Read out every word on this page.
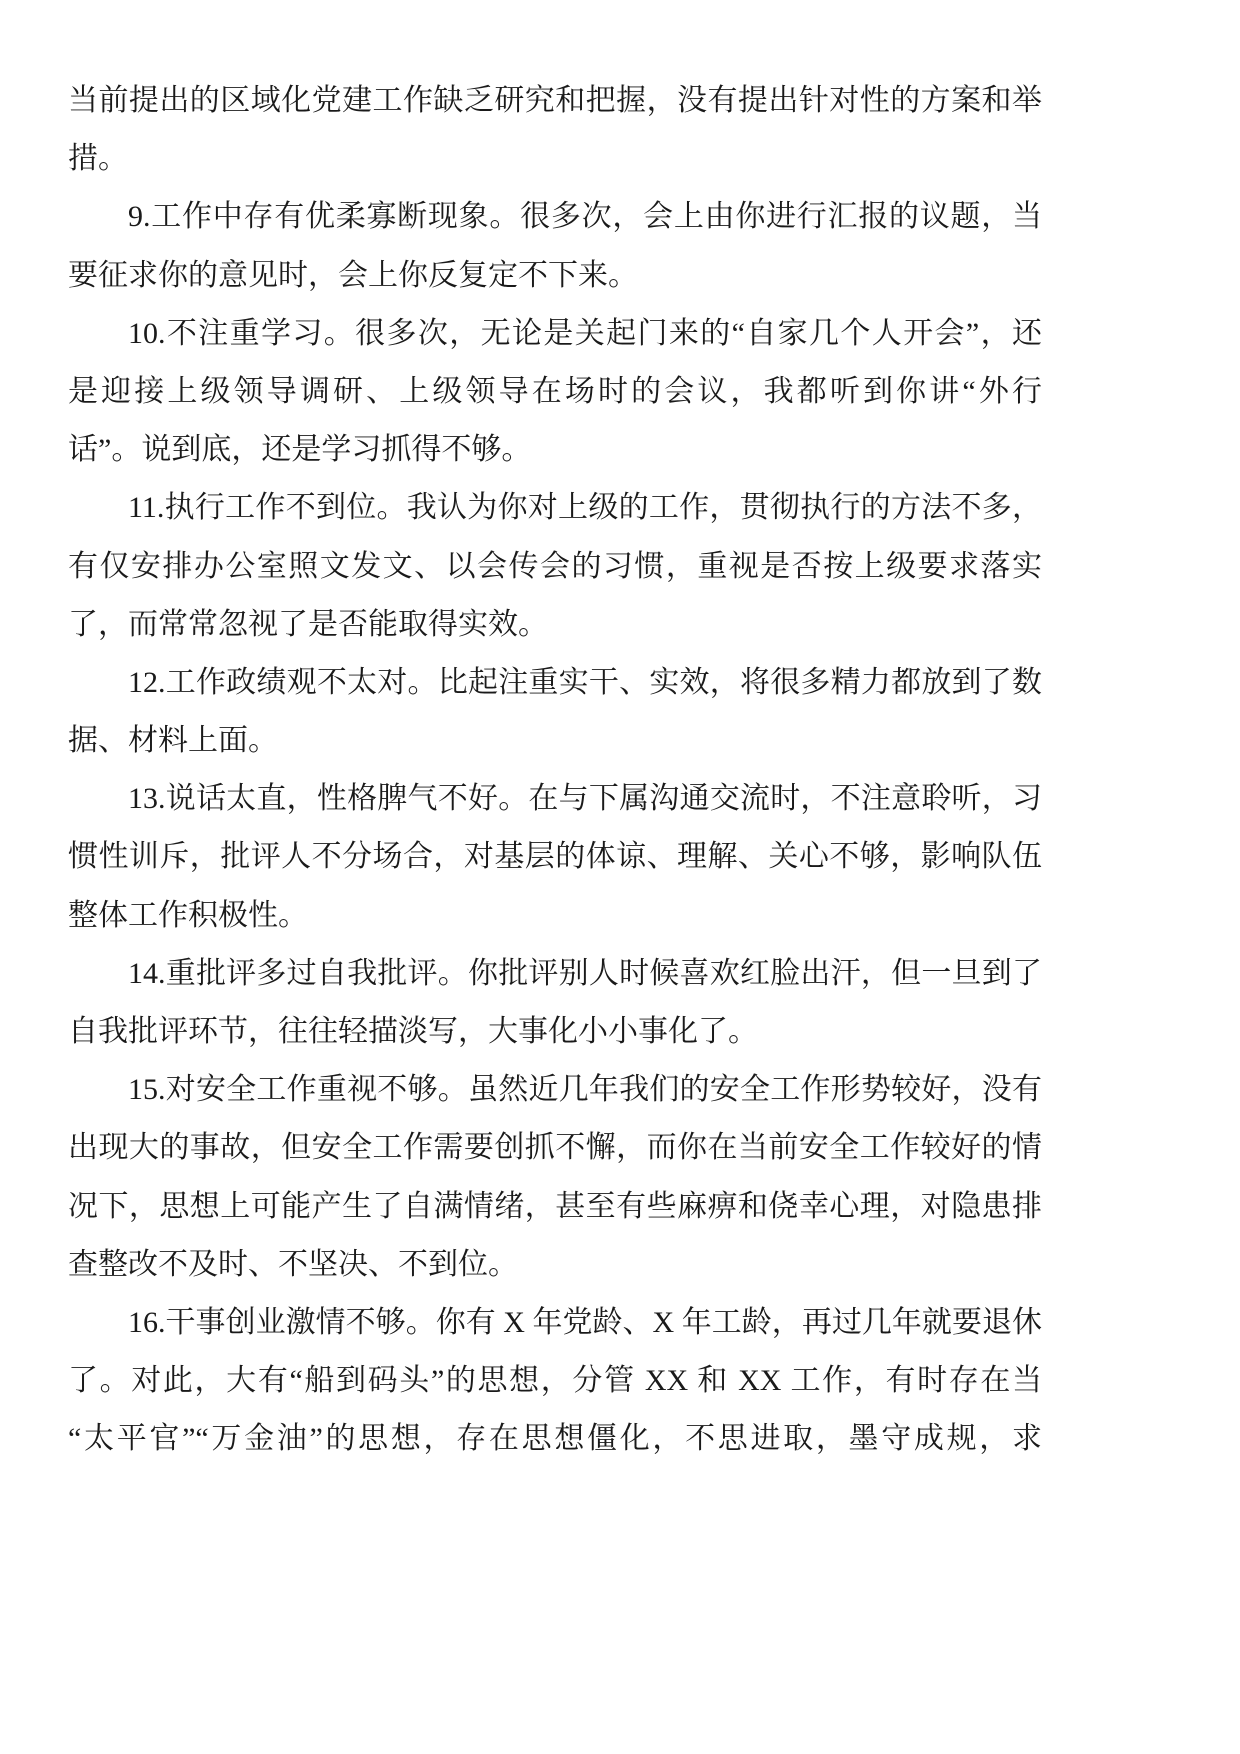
当前提出的区域化党建工作缺乏研究和把握，没有提出针对性的方案和举
措。
9.工作中存有优柔寡断现象。很多次，会上由你进行汇报的议题，当
要征求你的意见时，会上你反复定不下来。
10.不注重学习。很多次，无论是关起门来的“自家几个人开会”，还
是迎接上级领导调研、上级领导在场时的会议，我都听到你讲“外行
话”。说到底，还是学习抓得不够。
11.执行工作不到位。我认为你对上级的工作，贯彻执行的方法不多，
有仅安排办公室照文发文、以会传会的习惯，重视是否按上级要求落实
了，而常常忽视了是否能取得实效。
12.工作政绩观不太对。比起注重实干、实效，将很多精力都放到了数
据、材料上面。
13.说话太直，性格脾气不好。在与下属沟通交流时，不注意聆听，习
惯性训斥，批评人不分场合，对基层的体谅、理解、关心不够，影响队伍
整体工作积极性。
14.重批评多过自我批评。你批评别人时候喜欢红脸出汗，但一旦到了
自我批评环节，往往轻描淡写，大事化小小事化了。
15.对安全工作重视不够。虽然近几年我们的安全工作形势较好，没有
出现大的事故，但安全工作需要创抓不懈，而你在当前安全工作较好的情
况下，思想上可能产生了自满情绪，甚至有些麻痹和侥幸心理，对隐患排
查整改不及时、不坚决、不到位。
16.干事创业激情不够。你有 X 年党龄、X 年工龄，再过几年就要退休
了。对此，大有“船到码头”的思想，分管 XX 和 XX 工作，有时存在当
“太平官”“万金油”的思想，存在思想僵化，不思进取，墨守成规，求
